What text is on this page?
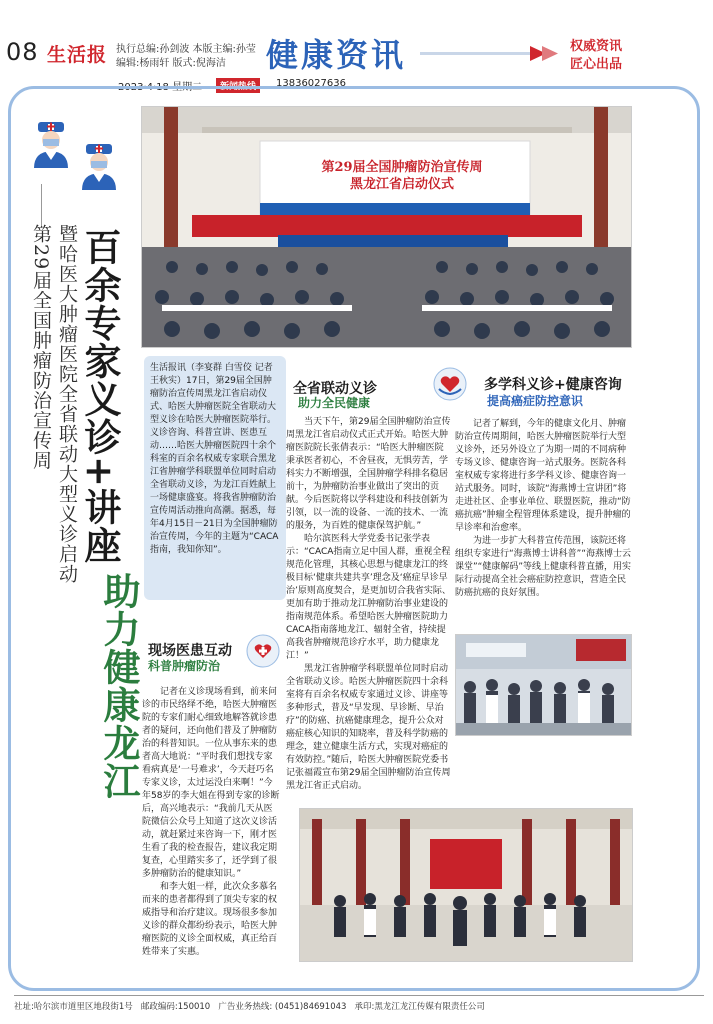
08 生活报 执行总编:孙剑波 本版主编:孙莹
编辑:杨雨轩 版式:倪海洁 健康资讯	权威资讯
匠心出品
2023·4·18 星期二	新闻热线	13836027636
百余专家义诊+讲座
助力健康龙江
暨哈医大肿瘤医院全省联动大型义诊启动
第29届全国肿瘤防治宣传周
第29届全国肿瘤防治宣传周
黑龙江省启动仪式

生活报讯（李宴群 白雪佼 记者王秋实）17日，第29届全国肿瘤防治宣传周黑龙江省启动仪式、哈医大肿瘤医院全省联动大型义诊在哈医大肿瘤医院举行。义诊咨询、科普宣讲、医患互动……哈医大肿瘤医院四十余个科室的百余名权威专家联合黑龙江省肿瘤学科联盟单位同时启动全省联动义诊，为龙江百姓献上一场健康盛宴。将我省肿瘤防治宣传周活动推向高潮。据悉，每年4月15日－21日为全国肿瘤防治宣传周，今年的主题为“CACA指南，我知你知”。

全省联动义诊
助力全民健康

当天下午，第29届全国肿瘤防治宣传周黑龙江省启动仪式正式开始。哈医大肿瘤医院院长张倩表示：“哈医大肿瘤医院秉承医者初心，不舍昼夜，无惧劳苦，学科实力不断增强，全国肿瘤学科排名稳居前十，为肿瘤防治事业做出了突出的贡献。今后医院将以学科建设和科技创新为引领，以一流的设备、一流的技术、一流的服务，为百姓的健康保驾护航。”

哈尔滨医科大学党委书记张学表示：“CACA指南立足中国人群，重视全程规范化管理，其核心思想与健康龙江的终极目标‘健康共建共享’理念及‘癌症早诊早治’原则高度契合，是更加切合我省实际、更加有助于推动龙江肿瘤防治事业建设的指南规范体系。希望哈医大肿瘤医院助力CACA指南落地龙江、辐射全省，持续提高我省肿瘤规范诊疗水平，助力健康龙江！”

黑龙江省肿瘤学科联盟单位同时启动全省联动义诊。哈医大肿瘤医院四十余科室将有百余名权威专家通过义诊、讲座等多种形式，普及“早发现、早诊断、早治疗”的防癌、抗癌健康理念，提升公众对癌症核心知识的知晓率，普及科学防癌的理念，建立健康生活方式，实现对癌症的有效防控。”随后，哈医大肿瘤医院党委书记张福霞宣布第29届全国肿瘤防治宣传周黑龙江省正式启动。

多学科义诊+健康咨询
提高癌症防控意识

记者了解到，今年的健康文化月、肿瘤防治宣传周期间，哈医大肿瘤医院举行大型义诊外，还另外设立了为期一周的不同病种专场义诊、健康咨询一站式服务。医院各科室权威专家将进行多学科义诊、健康咨询一站式服务。同时，该院“海燕博士宣讲团”将走进社区、企事业单位、联盟医院，推动“防癌抗癌”肿瘤全程管理体系建设，提升肿瘤的早诊率和治愈率。

为进一步扩大科普宣传范围，该院还将组织专家进行“海燕博士讲科普”“海燕博士云课堂”“健康解码”等线上健康科普直播，用实际行动提高全社会癌症防控意识，营造全民防癌抗癌的良好氛围。

现场医患互动
科普肿瘤防治

记者在义诊现场看到，前来问诊的市民络绎不绝，哈医大肿瘤医院的专家们耐心细致地解答就诊患者的疑问，还向他们普及了肿瘤防治的科普知识。一位从事东来的患者高大地说：“平时我们想找专家看病真是‘一号难求’，今天赶巧名专家义诊，太过运没白来啊！”今年58岁的李大姐在得到专家的诊断后，高兴地表示：“我前几天从医院微信公众号上知道了这次义诊活动，就赶紧过来咨询一下，刚才医生看了我的检查报告，建议我定期复查，心里踏实多了，还学到了很多肿瘤防治的健康知识。”

和李大姐一样，此次众多慕名而来的患者都得到了顶尖专家的权威指导和治疗建议。现场很多参加义诊的群众都纷纷表示，哈医大肿瘤医院的义诊全面权威，真正给百姓带来了实惠。

社址:哈尔滨市道里区地段街1号 邮政编码:150010 广告业务热线: (0451)84691043 承印:黑龙江龙江传媒有限责任公司
